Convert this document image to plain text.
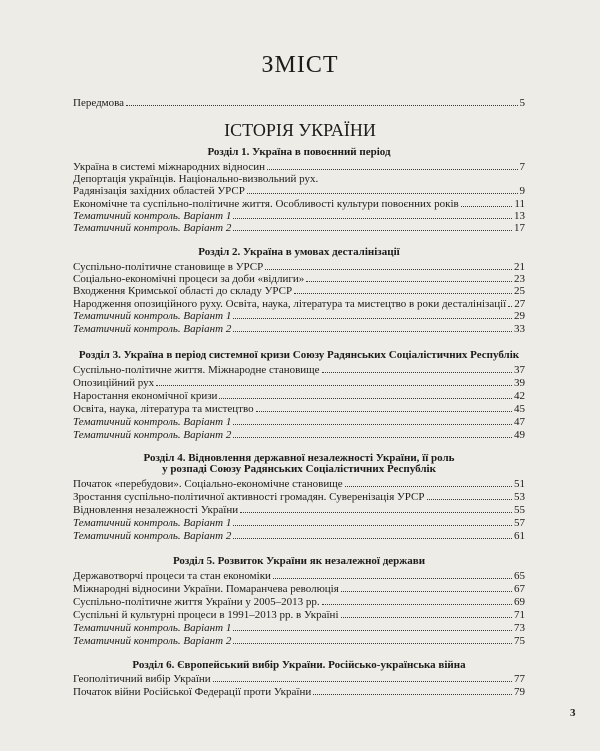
ЗМІСТ
Передмова	5
ІСТОРІЯ УКРАЇНИ
Розділ 1. Україна в повоєнний період
Україна в системі міжнародних відносин	7
Депортація українців. Національно-визвольний рух.
Радянізація західних областей УРСР	9
Економічне та суспільно-політичне життя. Особливості культури повоєнних років	11
Тематичний контроль. Варіант 1	13
Тематичний контроль. Варіант 2	17
Розділ 2. Україна в умовах десталінізації
Суспільно-політичне становище в УРСР	21
Соціально-економічні процеси за доби «відлиги»	23
Входження Кримської області до складу УРСР	25
Народження опозиційного руху. Освіта, наука, література та мистецтво в роки десталінізації 27
Тематичний контроль. Варіант 1	29
Тематичний контроль. Варіант 2	33
Розділ 3. Україна в період системної кризи Союзу Радянських Соціалістичних Республік
Суспільно-політичне життя. Міжнародне становище	37
Опозиційний рух	39
Наростання економічної кризи	42
Освіта, наука, література та мистецтво	45
Тематичний контроль. Варіант 1	47
Тематичний контроль. Варіант 2	49
Розділ 4. Відновлення державної незалежності України, її роль
у розпаді Союзу Радянських Соціалістичних Республік
Початок «перебудови». Соціально-економічне становище	51
Зростання суспільно-політичної активності громадян. Суверенізація УРСР	53
Відновлення незалежності України	55
Тематичний контроль. Варіант 1	57
Тематичний контроль. Варіант 2	61
Розділ 5. Розвиток України як незалежної держави
Державотворчі процеси та стан економіки	65
Міжнародні відносини України. Помаранчева революція	67
Суспільно-політичне життя України у 2005–2013 рр.	69
Суспільні й культурні процеси в 1991–2013 рр. в Україні	71
Тематичний контроль. Варіант 1	73
Тематичний контроль. Варіант 2	75
Розділ 6. Європейський вибір України. Російсько-українська війна
Геополітичний вибір України	77
Початок війни Російської Федерації проти України	79
3
